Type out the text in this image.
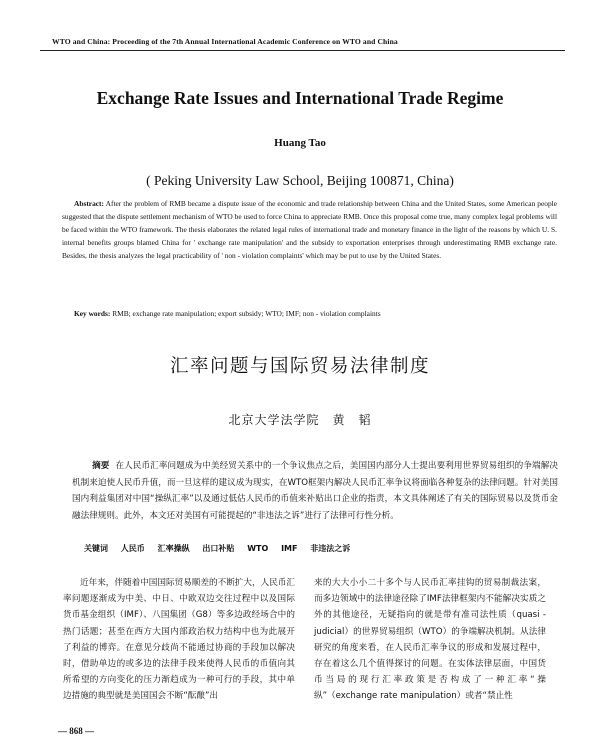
WTO and China: Proceeding of the 7th Annual International Academic Conference on WTO and China
Exchange Rate Issues and International Trade Regime
Huang Tao
( Peking University Law School, Beijing 100871, China)
Abstract: After the problem of RMB became a dispute issue of the economic and trade relationship between China and the United States, some American people suggested that the dispute settlement mechanism of WTO be used to force China to appreciate RMB. Once this proposal come true, many complex legal problems will be faced within the WTO framework. The thesis elaborates the related legal rules of international trade and monetary finance in the light of the reasons by which U. S. internal benefits groups blamed China for ' exchange rate manipulation' and the subsidy to exportation enterprises through underestimating RMB exchange rate. Besides, the thesis analyzes the legal practicability of ' non - violation complaints' which may be put to use by the United States.
Key words: RMB; exchange rate manipulation; export subsidy; WTO; IMF; non - violation complaints
汇率问题与国际贸易法律制度
北京大学法学院　黄　韬
摘要 在人民币汇率问题成为中美经贸关系中的一个争议焦点之后，美国国内部分人士提出要利用世界贸易组织的争端解决机制来迫使人民币升值，而一旦这样的建议成为现实，在WTO框架内解决人民币汇率争议将面临各种复杂的法律问题。针对美国国内利益集团对中国“操纵汇率”以及通过低估人民币的币值来补贴出口企业的指责，本文具体阐述了有关的国际贸易以及货币金融法律规则。此外，本文还对美国有可能提起的“非违法之诉”进行了法律可行性分析。
关键词 人民币 汇率操纵 出口补贴 WTO IMF 非违法之诉
近年来，伴随着中国国际贸易顺差的不断扩大，人民币汇率问题逐渐成为中美、中日、中欧双边交往过程中以及国际货币基金组织（IMF）、八国集团（G8）等多边政经场合中的热门话题；甚至在西方大国内部政治权力结构中也为此展开了利益的博弈。在意见分歧尚不能通过协商的手段加以解决时，借助单边的或多边的法律手段来使得人民币的币值向其所希望的方向变化的压力渐趋成为一种可行的手段，其中单边措施的典型就是美国国会不断“酝酿”出
来的大大小小二十多个与人民币汇率挂钩的贸易制裁法案，而多边领域中的法律途径除了IMF法律框架内不能解决实质之外的其他途径，无疑指向的就是带有准司法性质（quasi - judicial）的世界贸易组织（WTO）的争端解决机制。从法律研究的角度来看，在人民币汇率争议的形成和发展过程中，存在着这么几个值得探讨的问题。在实体法律层面，中国货币当局的现行汇率政策是否构成了一种汇率“操纵”（exchange rate manipulation）或者“禁止性
— 868 —
